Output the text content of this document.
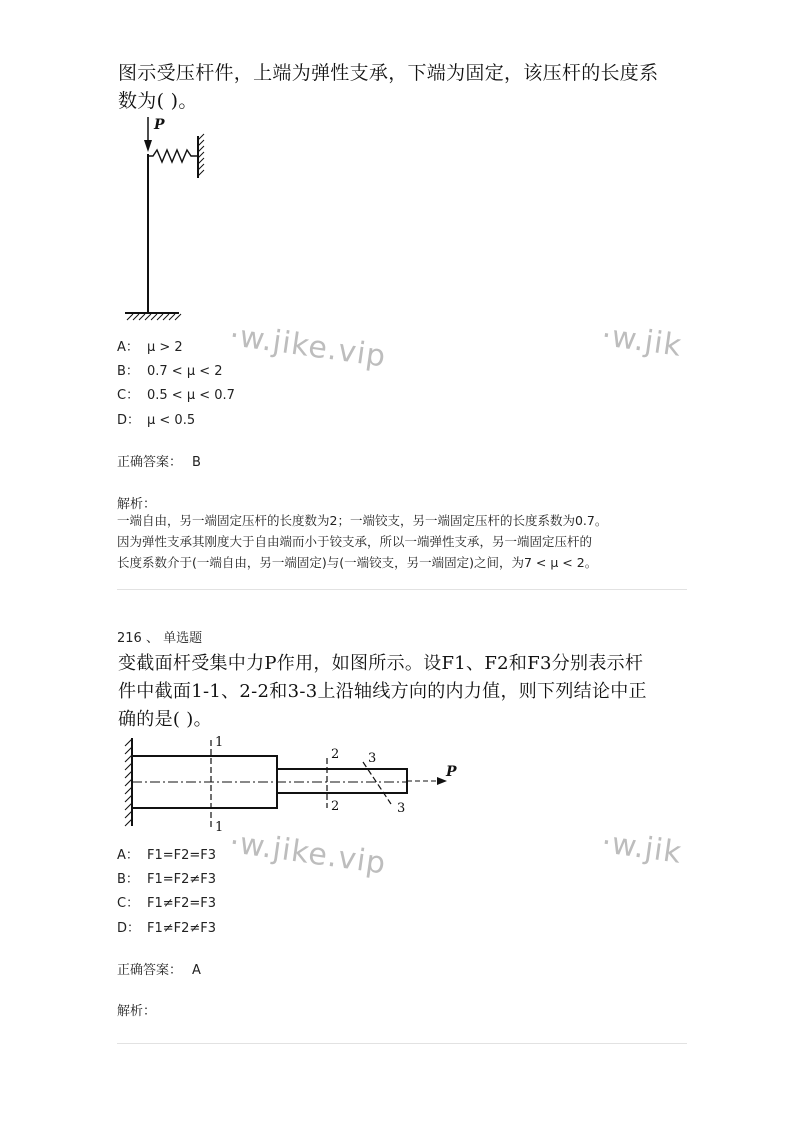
图示受压杆件，上端为弹性支承，下端为固定，该压杆的长度系
数为( )。
P
A： μ > 2
B： 0.7 < μ < 2
C： 0.5 < μ < 0.7
D： μ < 0.5
正确答案： B
解析：
一端自由，另一端固定压杆的长度数为2；一端铰支，另一端固定压杆的长度系数为0.7。
因为弹性支承其刚度大于自由端而小于铰支承，所以一端弹性支承，另一端固定压杆的
长度系数介于(一端自由，另一端固定)与(一端铰支，另一端固定)之间，为7 < μ < 2。
216 、 单选题
变截面杆受集中力P作用，如图所示。设F1、F2和F3分别表示杆
件中截面1-1、2-2和3-3上沿轴线方向的内力值，则下列结论中正
确的是( )。
1
1
2
2
3
3
P
A： F1=F2=F3
B： F1=F2≠F3
C： F1≠F2=F3
D： F1≠F2≠F3
正确答案： A
解析：
·w.jike.vip	·w.jik
·w.jike.vip	·w.jik
